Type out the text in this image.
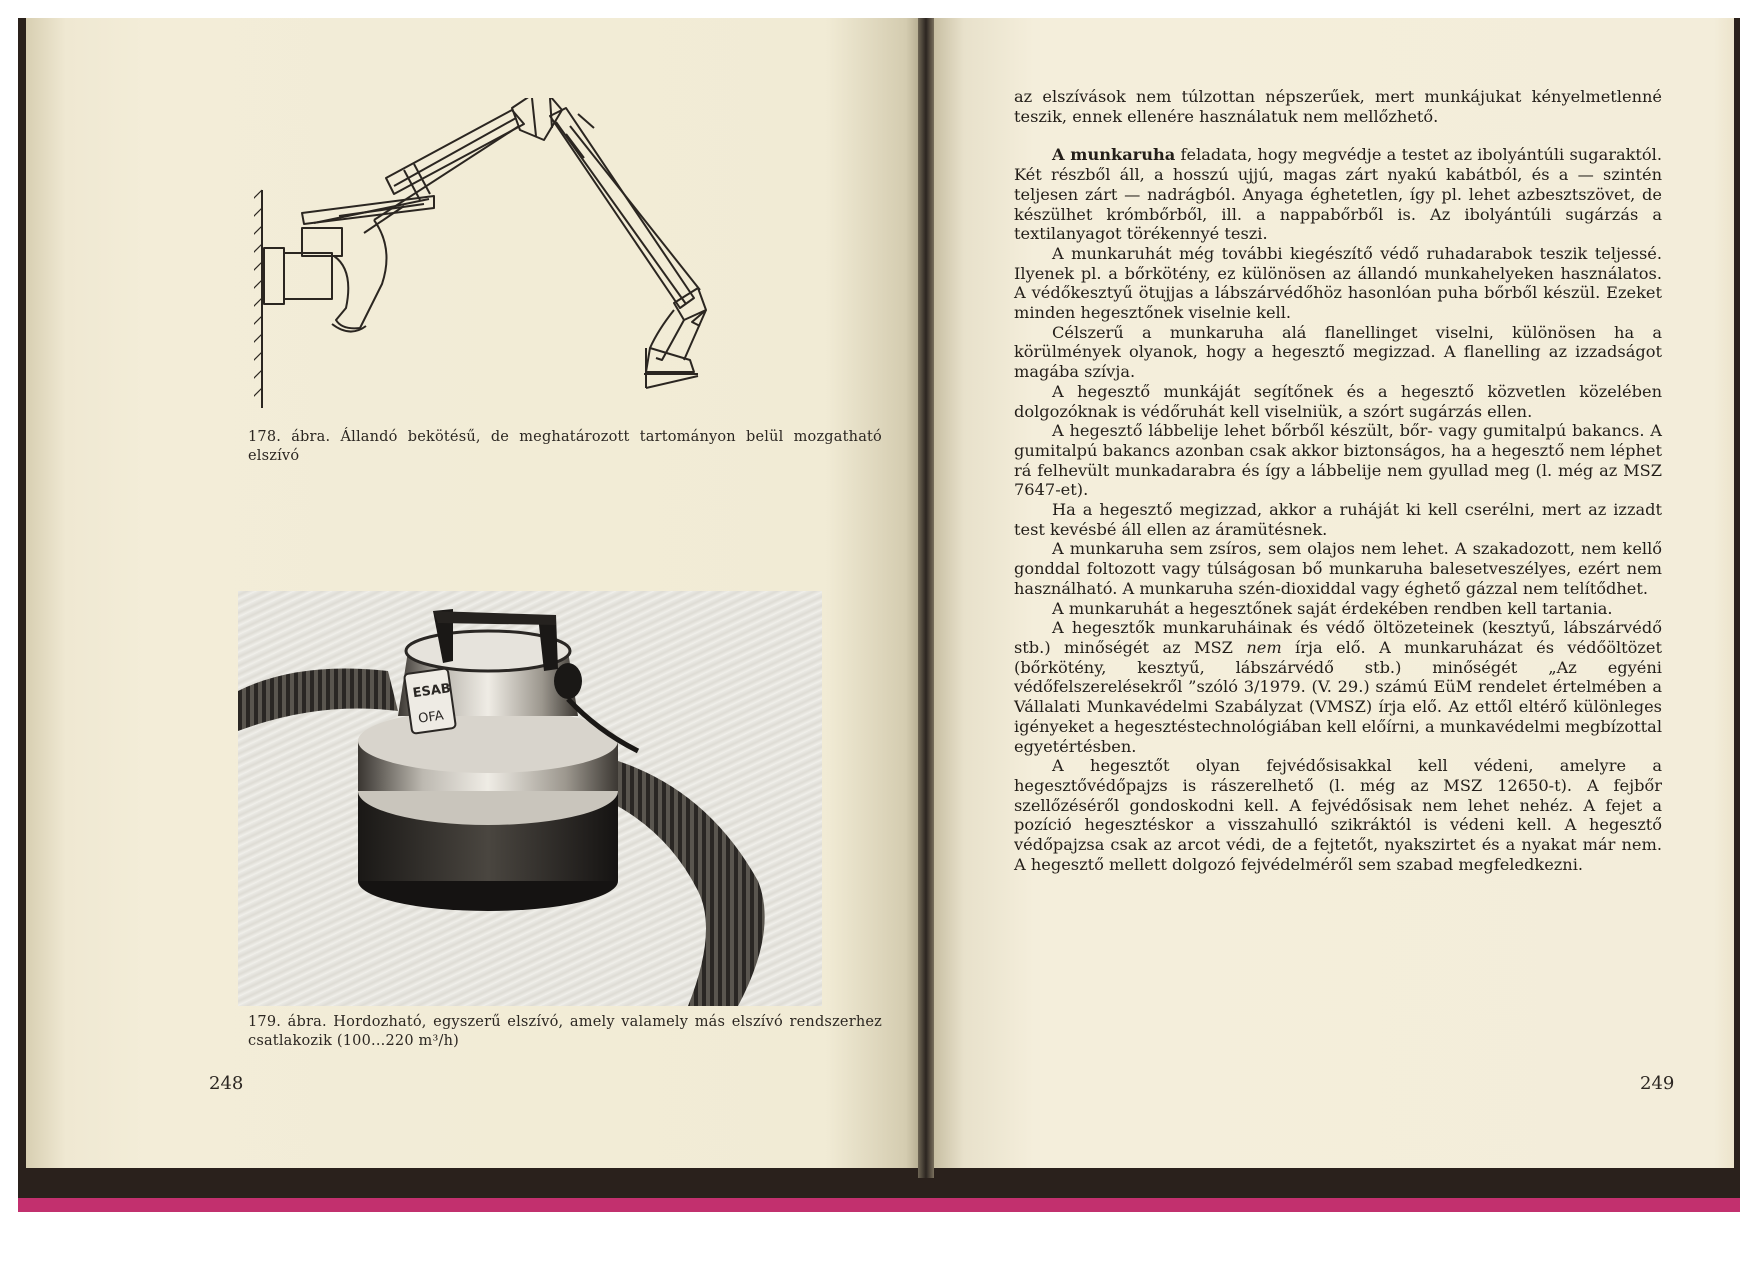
178. ábra. Állandó bekötésű, de meghatározott tartományon belül mozgatható elszívó
ESAB
OFA
179. ábra. Hordozható, egyszerű elszívó, amely valamely más elszívó rendszerhez csatlakozik (100...220 m³/h)
248

az elszívások nem túlzottan népszerűek, mert munkájukat kényelmetlenné teszik, ennek ellenére használatuk nem mellőzhető.

A munkaruha feladata, hogy megvédje a testet az ibolyántúli sugaraktól. Két részből áll, a hosszú ujjú, magas zárt nyakú kabátból, és a — szintén teljesen zárt — nadrágból. Anyaga éghetetlen, így pl. lehet azbesztszövet, de készülhet krómbőrből, ill. a nappabőrből is. Az ibolyántúli sugárzás a textilanyagot törékennyé teszi.

A munkaruhát még további kiegészítő védő ruhadarabok teszik teljessé. Ilyenek pl. a bőrkötény, ez különösen az állandó munkahelyeken használatos. A védőkesztyű ötujjas a lábszárvédőhöz hasonlóan puha bőrből készül. Ezeket minden hegesztőnek viselnie kell.

Célszerű a munkaruha alá flanellinget viselni, különösen ha a körülmények olyanok, hogy a hegesztő megizzad. A flanelling az izzadságot magába szívja.

A hegesztő munkáját segítőnek és a hegesztő közvetlen közelében dolgozóknak is védőruhát kell viselniük, a szórt sugárzás ellen.

A hegesztő lábbelije lehet bőrből készült, bőr- vagy gumitalpú bakancs. A gumitalpú bakancs azonban csak akkor biztonságos, ha a hegesztő nem léphet rá felhevült munkadarabra és így a lábbelije nem gyullad meg (l. még az MSZ 7647-et).

Ha a hegesztő megizzad, akkor a ruháját ki kell cserélni, mert az izzadt test kevésbé áll ellen az áramütésnek.

A munkaruha sem zsíros, sem olajos nem lehet. A szakadozott, nem kellő gonddal foltozott vagy túlságosan bő munkaruha balesetveszélyes, ezért nem használható. A munkaruha szén-dioxiddal vagy éghető gázzal nem telítődhet.

A munkaruhát a hegesztőnek saját érdekében rendben kell tartania.

A hegesztők munkaruháinak és védő öltözeteinek (kesztyű, lábszárvédő stb.) minőségét az MSZ nem írja elő. A munkaruházat és védőöltözet (bőrkötény, kesztyű, lábszárvédő stb.) minőségét „Az egyéni védőfelszerelésekről ”szóló 3/1979. (V. 29.) számú EüM rendelet értelmében a Vállalati Munkavédelmi Szabályzat (VMSZ) írja elő. Az ettől eltérő különleges igényeket a hegesztéstechnológiában kell előírni, a munkavédelmi megbízottal egyetértésben.

A hegesztőt olyan fejvédősisakkal kell védeni, amelyre a hegesztővédőpajzs is rászerelhető (l. még az MSZ 12650-t). A fejbőr szellőzéséről gondoskodni kell. A fejvédősisak nem lehet nehéz. A fejet a pozíció hegesztéskor a visszahulló szikráktól is védeni kell. A hegesztő védőpajzsa csak az arcot védi, de a fejtetőt, nyakszirtet és a nyakat már nem. A hegesztő mellett dolgozó fejvédelméről sem szabad megfeledkezni.

249
